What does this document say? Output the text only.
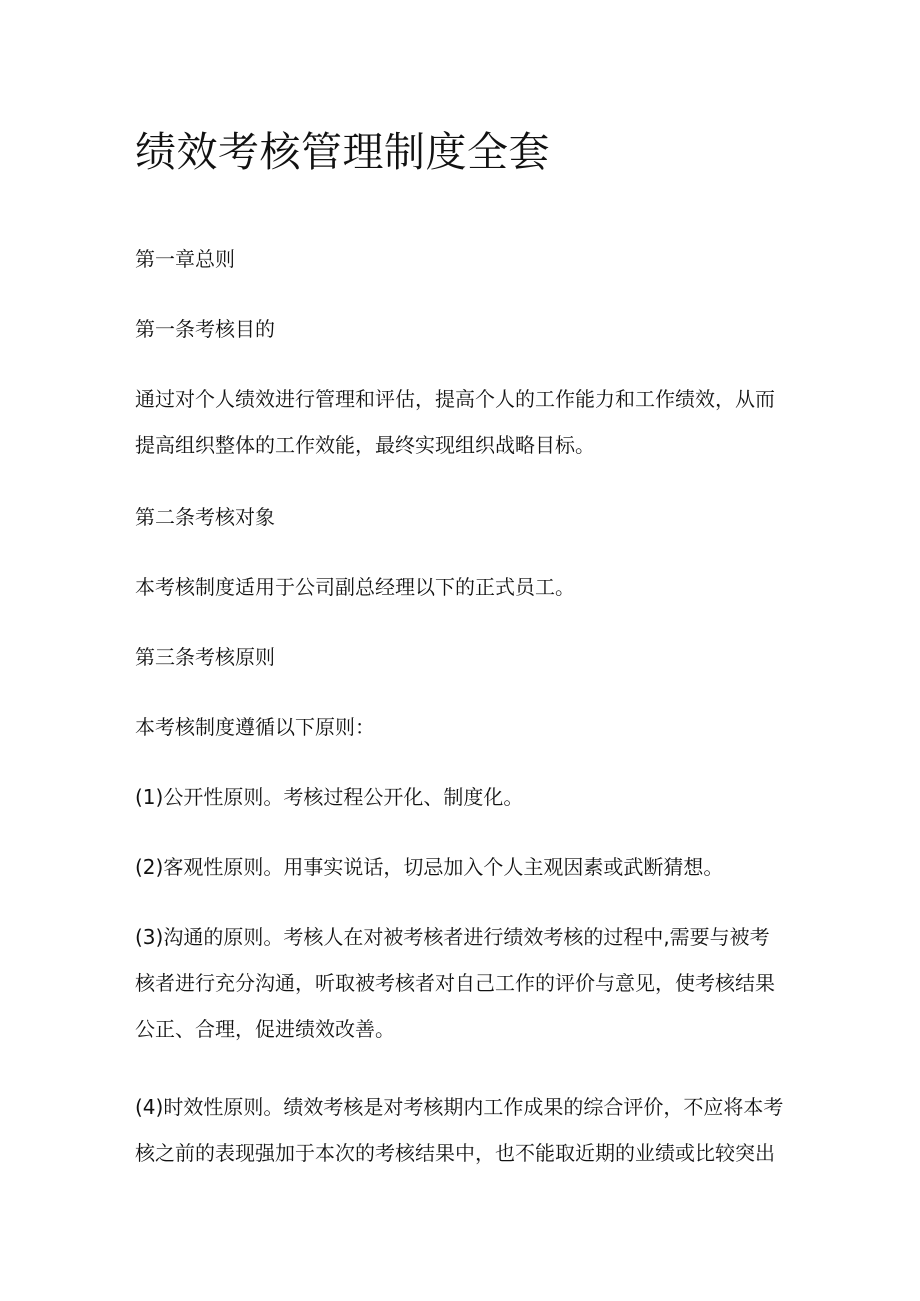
绩效考核管理制度全套

第一章总则

第一条考核目的

通过对个人绩效进行管理和评估，提高个人的工作能力和工作绩效，从而
提高组织整体的工作效能，最终实现组织战略目标。

第二条考核对象

本考核制度适用于公司副总经理以下的正式员工。

第三条考核原则

本考核制度遵循以下原则：

(1)公开性原则。考核过程公开化、制度化。

(2)客观性原则。用事实说话，切忌加入个人主观因素或武断猜想。

(3)沟通的原则。考核人在对被考核者进行绩效考核的过程中,需要与被考
核者进行充分沟通，听取被考核者对自己工作的评价与意见，使考核结果
公正、合理，促进绩效改善。

(4)时效性原则。绩效考核是对考核期内工作成果的综合评价，不应将本考
核之前的表现强加于本次的考核结果中，也不能取近期的业绩或比较突出
